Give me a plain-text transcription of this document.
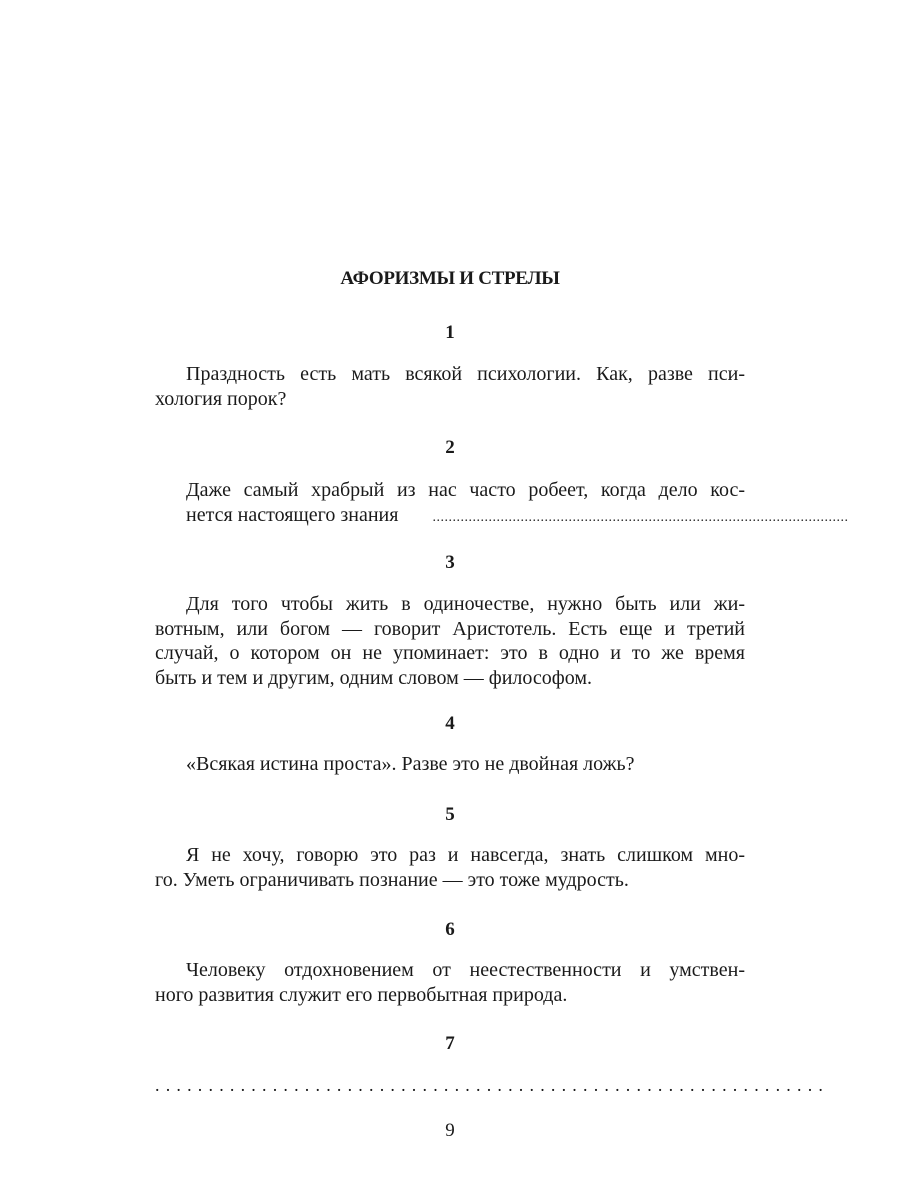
АФОРИЗМЫ И СТРЕЛЫ
1
Праздность есть мать всякой психологии. Как, разве пси-
хология порок?
2
Даже самый храбрый из нас часто робеет, когда дело кос-
нется настоящего знания	........................................................................................................
3
Для того чтобы жить в одиночестве, нужно быть или жи-
вотным, или богом — говорит Аристотель. Есть еще и третий
случай, о котором он не упоминает: это в одно и то же время
быть и тем и другим, одним словом — философом.
4
«Всякая истина проста». Разве это не двойная ложь?
5
Я не хочу, говорю это раз и навсегда, знать слишком мно-
го. Уметь ограничивать познание — это тоже мудрость.
6
Человеку отдохновением от неестественности и умствен-
ного развития служит его первобытная природа.
7
...............................................................
9
